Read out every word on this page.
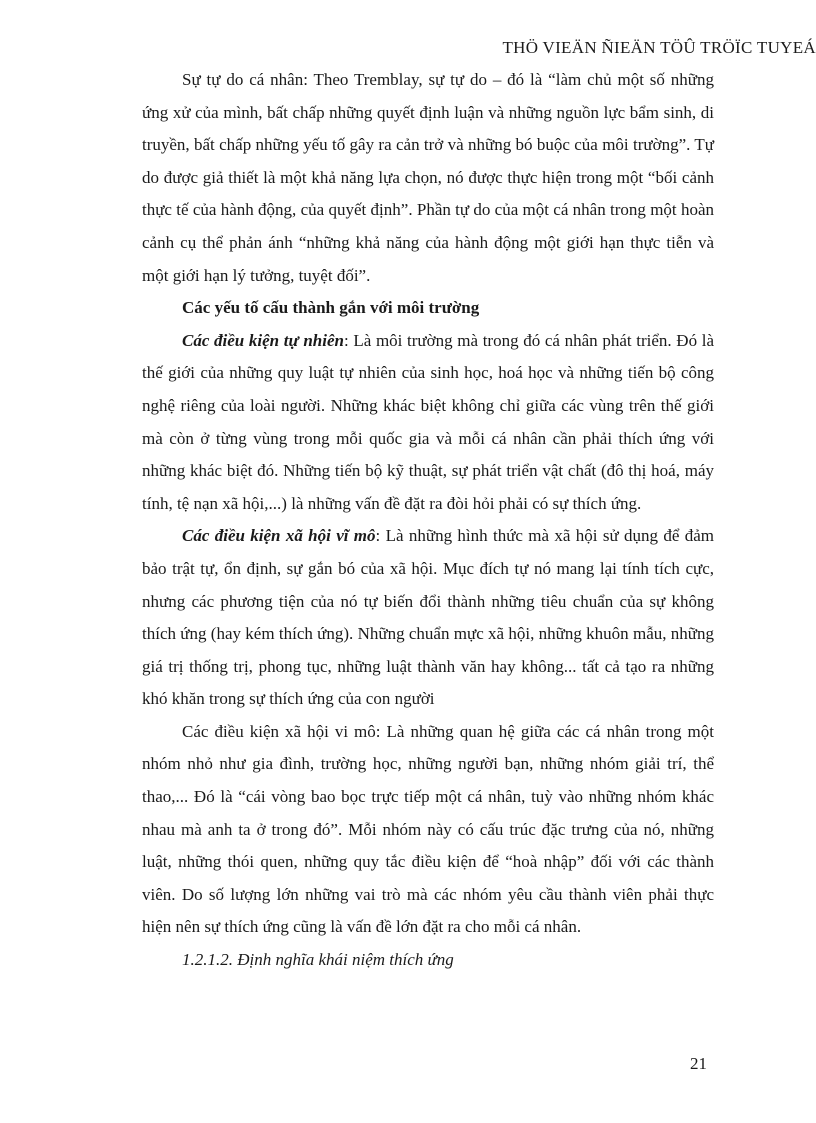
THÖ VIEÄN ÑIEÄN TÖÛ TRÖÏC TUYEÁ

Sự tự do cá nhân: Theo Tremblay, sự tự do – đó là “làm chủ một số những ứng xử của mình, bất chấp những quyết định luận và những nguồn lực bẩm sinh, di truyền, bất chấp những yếu tố gây ra cản trở và những bó buộc của môi trường”. Tự do được giả thiết là một khả năng lựa chọn, nó được thực hiện trong một “bối cảnh thực tế của hành động, của quyết định”. Phần tự do của một cá nhân trong một hoàn cảnh cụ thể phản ánh “những khả năng của hành động một giới hạn thực tiễn và một giới hạn lý tưởng, tuyệt đối”.

Các yếu tố cấu thành gắn với môi trường

Các điều kiện tự nhiên: Là môi trường mà trong đó cá nhân phát triển. Đó là thế giới của những quy luật tự nhiên của sinh học, hoá học và những tiến bộ công nghệ riêng của loài người. Những khác biệt không chỉ giữa các vùng trên thế giới mà còn ở từng vùng trong mỗi quốc gia và mỗi cá nhân cần phải thích ứng với những khác biệt đó. Những tiến bộ kỹ thuật, sự phát triển vật chất (đô thị hoá, máy tính, tệ nạn xã hội,...) là những vấn đề đặt ra đòi hỏi phải có sự thích ứng.

Các điều kiện xã hội vĩ mô: Là những hình thức mà xã hội sử dụng để đảm bảo trật tự, ổn định, sự gắn bó của xã hội. Mục đích tự nó mang lại tính tích cực, nhưng các phương tiện của nó tự biến đổi thành những tiêu chuẩn của sự không thích ứng (hay kém thích ứng). Những chuẩn mực xã hội, những khuôn mẫu, những giá trị thống trị, phong tục, những luật thành văn hay không... tất cả tạo ra những khó khăn trong sự thích ứng của con người

Các điều kiện xã hội vi mô: Là những quan hệ giữa các cá nhân trong một nhóm nhỏ như gia đình, trường học, những người bạn, những nhóm giải trí, thể thao,... Đó là “cái vòng bao bọc trực tiếp một cá nhân, tuỳ vào những nhóm khác nhau mà anh ta ở trong đó”. Mỗi nhóm này có cấu trúc đặc trưng của nó, những luật, những thói quen, những quy tắc điều kiện để “hoà nhập” đối với các thành viên. Do số lượng lớn những vai trò mà các nhóm yêu cầu thành viên phải thực hiện nên sự thích ứng cũng là vấn đề lớn đặt ra cho mỗi cá nhân.

1.2.1.2. Định nghĩa khái niệm thích ứng

21
